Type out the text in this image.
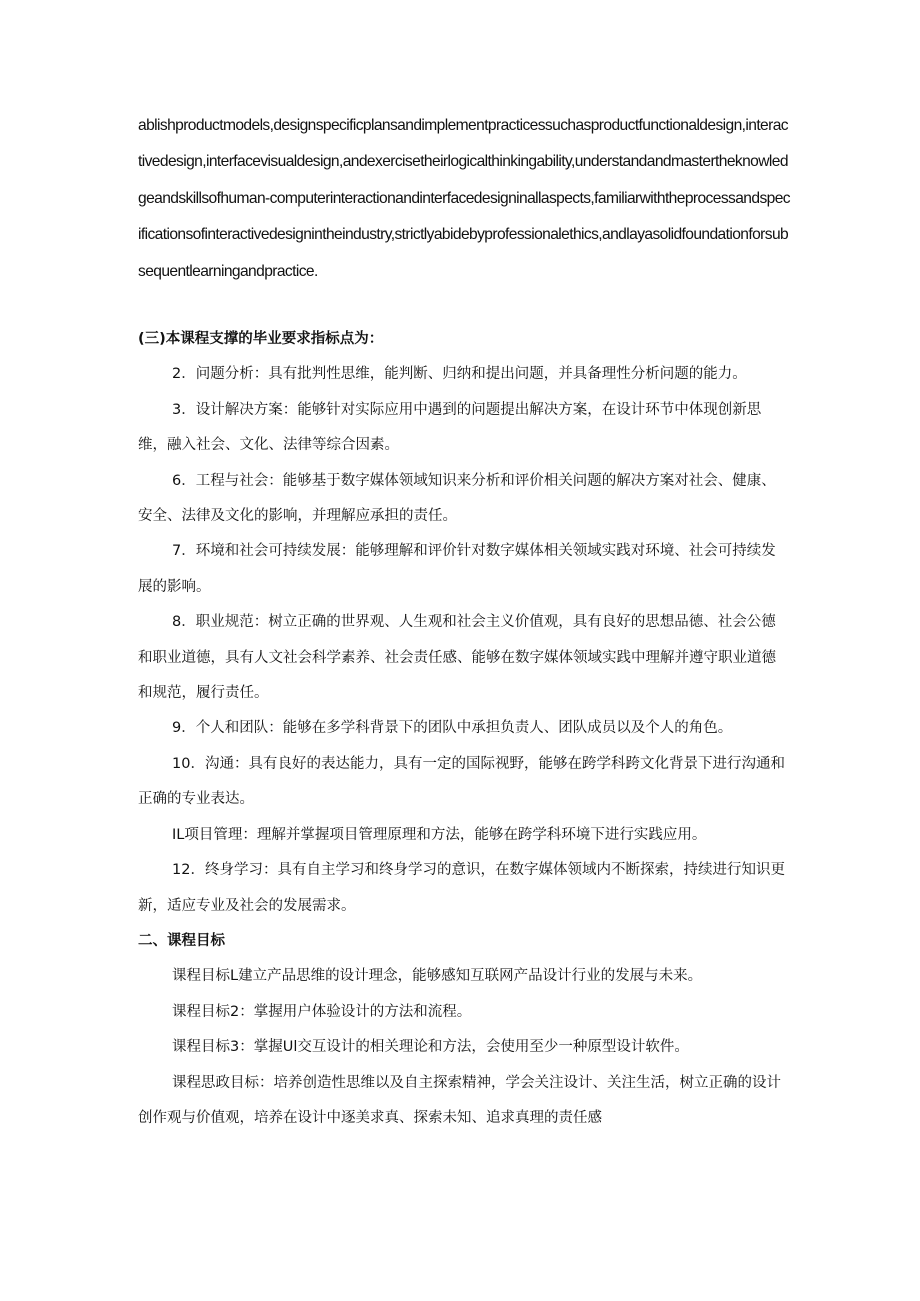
ablishproductmodels,designspecificplansandimplementpracticessuchasproductfunctionaldesign,interactivedesign,interfacevisualdesign,andexercisetheirlogicalthinkingability,understandandmastertheknowledgeandskillsofhuman-computerinteractionandinterfacedesigninallaspects,familiarwiththeprocessandspecificationsofinteractivedesignintheindustry,strictlyabidebyprofessionalethics,andlayasolidfoundationforsubsequentlearningandpractice.

(三)本课程支撑的毕业要求指标点为：

2．问题分析：具有批判性思维，能判断、归纳和提出问题，并具备理性分析问题的能力。

3．设计解决方案：能够针对实际应用中遇到的问题提出解决方案，在设计环节中体现创新思维，融入社会、文化、法律等综合因素。

6．工程与社会：能够基于数字媒体领域知识来分析和评价相关问题的解决方案对社会、健康、安全、法律及文化的影响，并理解应承担的责任。

7．环境和社会可持续发展：能够理解和评价针对数字媒体相关领域实践对环境、社会可持续发展的影响。

8．职业规范：树立正确的世界观、人生观和社会主义价值观，具有良好的思想品德、社会公德和职业道德，具有人文社会科学素养、社会责任感、能够在数字媒体领域实践中理解并遵守职业道德和规范，履行责任。

9．个人和团队：能够在多学科背景下的团队中承担负责人、团队成员以及个人的角色。

10．沟通：具有良好的表达能力，具有一定的国际视野，能够在跨学科跨文化背景下进行沟通和正确的专业表达。

IL项目管理：理解并掌握项目管理原理和方法，能够在跨学科环境下进行实践应用。

12．终身学习：具有自主学习和终身学习的意识，在数字媒体领域内不断探索，持续进行知识更新，适应专业及社会的发展需求。

二、课程目标

课程目标L建立产品思维的设计理念，能够感知互联网产品设计行业的发展与未来。

课程目标2：掌握用户体验设计的方法和流程。

课程目标3：掌握Ul交互设计的相关理论和方法，会使用至少一种原型设计软件。

课程思政目标：培养创造性思维以及自主探索精神，学会关注设计、关注生活，树立正确的设计创作观与价值观，培养在设计中逐美求真、探索未知、追求真理的责任感
